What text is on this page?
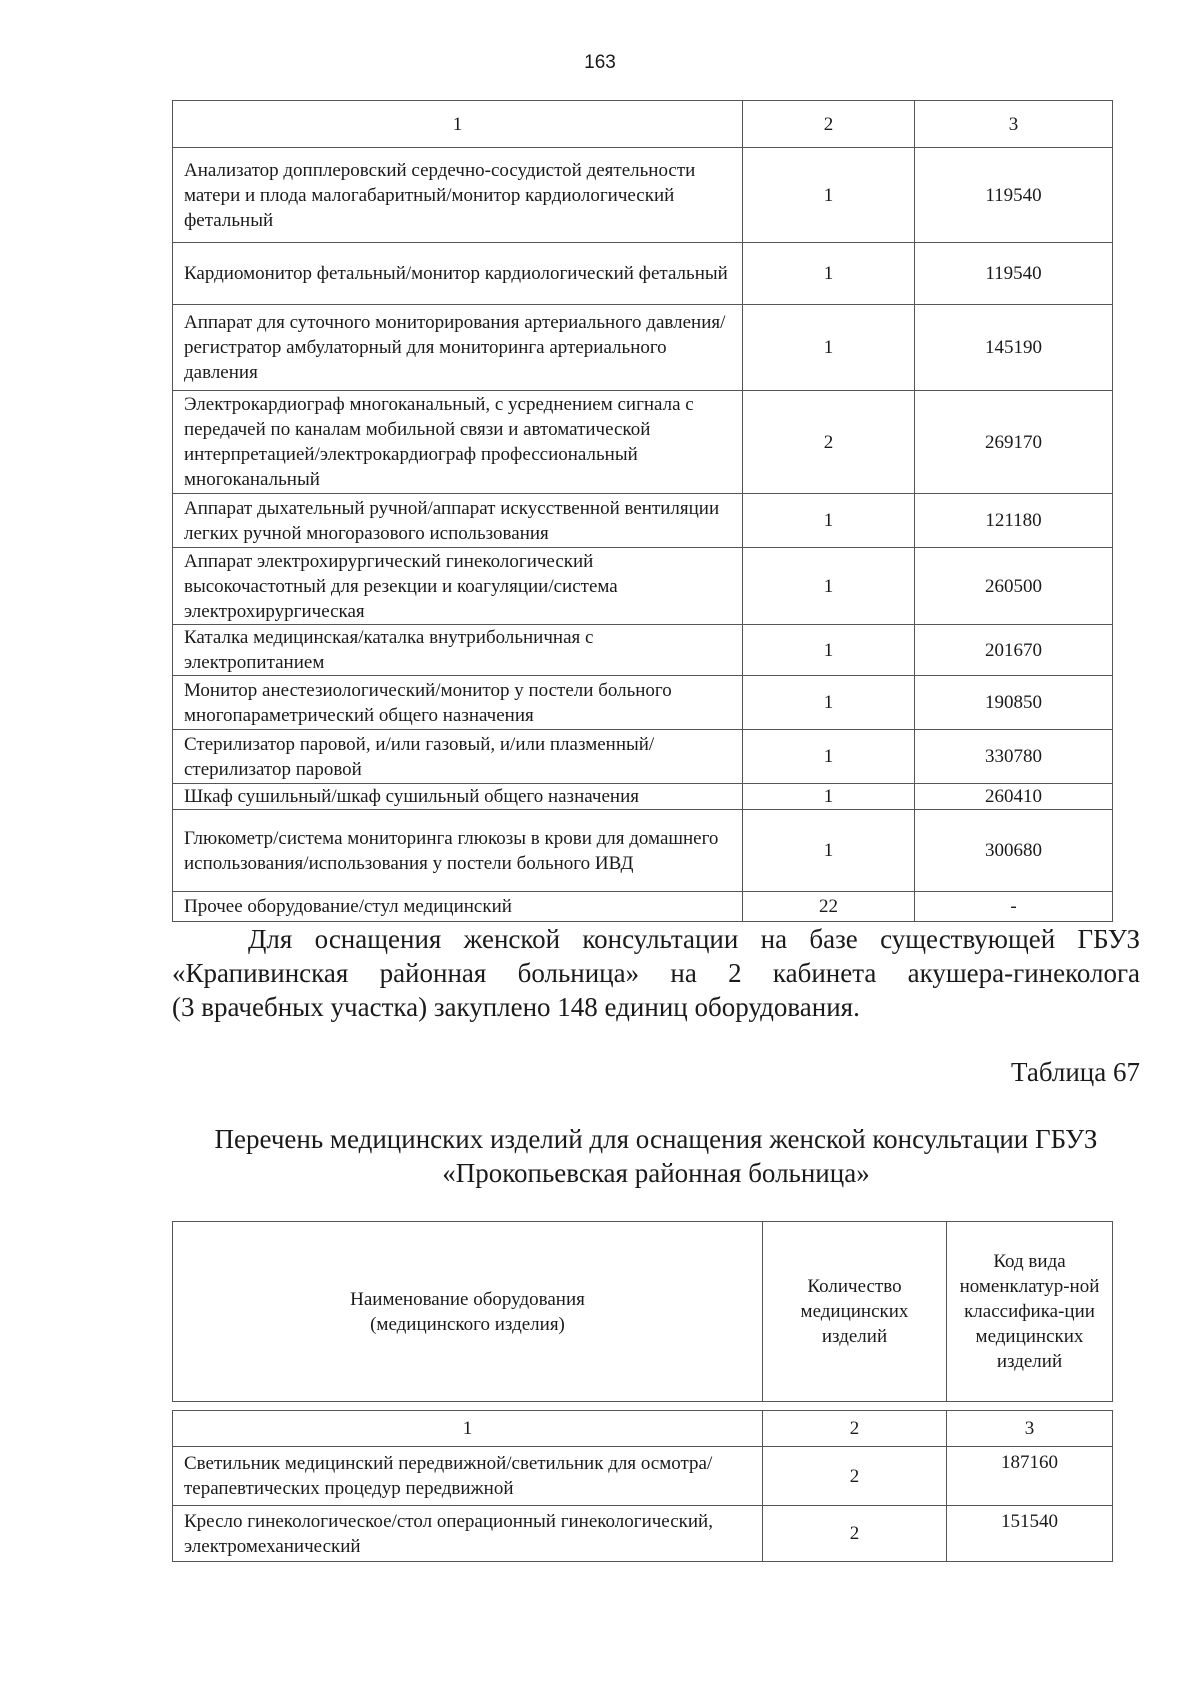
163
1	2	3
Анализатор допплеровский сердечно-сосудистой деятельности матери и плода малогабаритный/монитор кардиологический фетальный	1	119540
Кардиомонитор фетальный/монитор кардиологический фетальный	1	119540
Аппарат для суточного мониторирования артериального давления/регистратор амбулаторный для мониторинга артериального давления	1	145190
Электрокардиограф многоканальный, с усреднением сигнала с передачей по каналам мобильной связи и автоматической интерпретацией/электрокардиограф профессиональный многоканальный	2	269170
Аппарат дыхательный ручной/аппарат искусственной вентиляции легких ручной многоразового использования	1	121180
Аппарат электрохирургический гинекологический высокочастотный для резекции и коагуляции/система электрохирургическая	1	260500
Каталка медицинская/каталка внутрибольничная с электропитанием	1	201670
Монитор анестезиологический/монитор у постели больного многопараметрический общего назначения	1	190850
Стерилизатор паровой, и/или газовый, и/или плазменный/стерилизатор паровой	1	330780
Шкаф сушильный/шкаф сушильный общего назначения	1	260410
Глюкометр/система мониторинга глюкозы в крови для домашнего использования/использования у постели больного ИВД	1	300680
Прочее оборудование/стул медицинский	22	-
Для оснащения женской консультации на базе существующей ГБУЗ
«Крапивинская районная больница» на 2 кабинета акушера-гинеколога
(3 врачебных участка) закуплено 148 единиц оборудования.
Таблица 67
Перечень медицинских изделий для оснащения женской консультации ГБУЗ
«Прокопьевская районная больница»
Наименование оборудования (медицинского изделия)	Количество медицинских изделий	Код вида номенклатур-ной классифика-ции медицинских изделий
1	2	3
Светильник медицинский передвижной/светильник для осмотра/терапевтических процедур передвижной	2	187160
Кресло гинекологическое/стол операционный гинекологический, электромеханический	2	151540
